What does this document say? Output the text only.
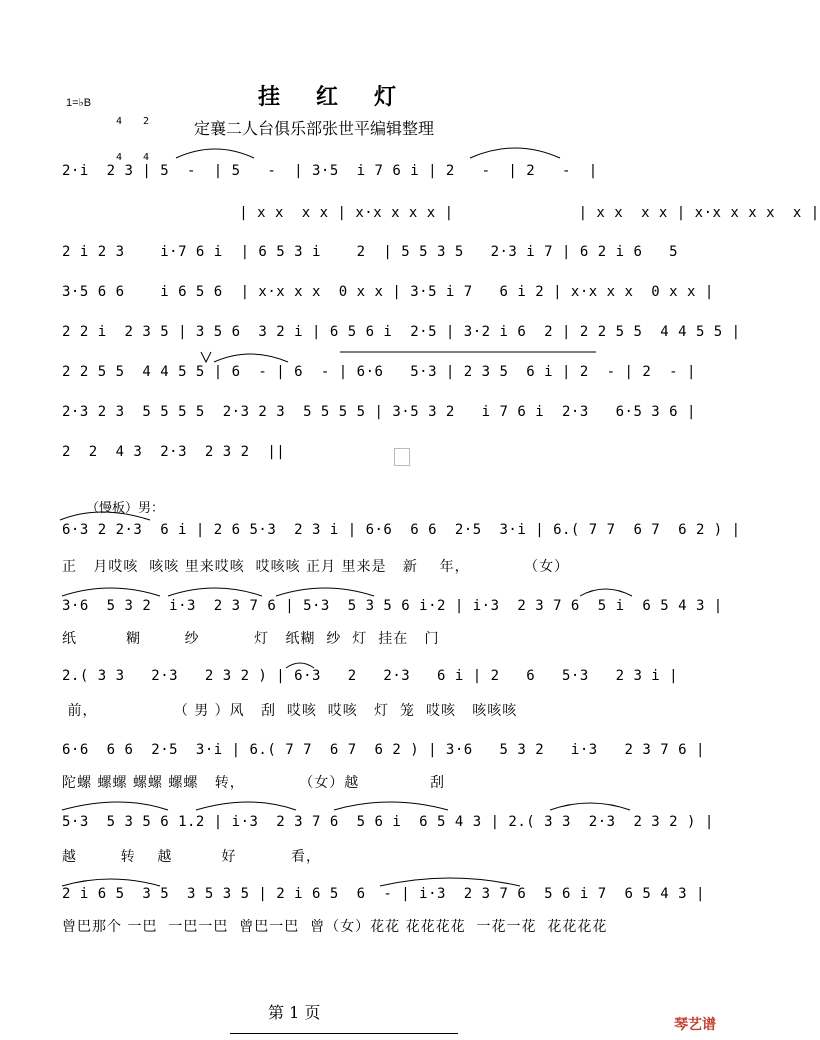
1=♭B

4

4

2

4

挂红灯
定襄二人台俱乐部张世平编辑整理
2·i  2 3 | 5  -  | 5   -  | 3·5  i 7 6 i | 2   -  | 2   -  |
| x x  x x | x·x x x x |              | x x  x x | x·x x x x  x |
2 i 2 3    i·7 6 i  | 6 5 3 i    2  | 5 5 3 5   2·3 i 7 | 6 2 i 6   5
3·5 6 6    i 6 5 6  | x·x x x  0 x x | 3·5 i 7   6 i 2 | x·x x x  0 x x |
2 2 i  2 3 5 | 3 5 6  3 2 i | 6 5 6 i  2·5 | 3·2 i 6  2 | 2 2 5 5  4 4 5 5 |
2 2 5 5  4 4 5 5 | 6  - | 6  - | 6·6   5·3 | 2 3 5  6 i | 2  - | 2  - |
2·3 2 3  5 5 5 5  2·3 2 3  5 5 5 5 | 3·5 3 2   i 7 6 i  2·3   6·5 3 6 |
2  2  4 3  2·3  2 3 2  ||
（慢板）男：
6·3 2 2·3  6 i | 2 6 5·3  2 3 i | 6·6  6 6  2·5  3·i | 6.( 7 7  6 7  6 2 ) |
正   月哎咳  咳咳 里来哎咳  哎咳咳 正月 里来是   新    年，          （女）
3·6  5 3 2  i·3  2 3 7 6 | 5·3  5 3 5 6 i·2 | i·3  2 3 7 6  5 i  6 5 4 3 |
纸         糊        纱          灯   纸糊  纱  灯  挂在   门
2.( 3 3   2·3   2 3 2 ) | 6·3   2   2·3   6 i | 2   6   5·3   2 3 i |
前，              （ 男 ）风   刮  哎咳  哎咳   灯  笼  哎咳   咳咳咳
6·6  6 6  2·5  3·i | 6.( 7 7  6 7  6 2 ) | 3·6   5 3 2   i·3   2 3 7 6 |
陀螺 螺螺 螺螺 螺螺   转，          （女）越             刮
5·3  5 3 5 6 1.2 | i·3  2 3 7 6  5 6 i  6 5 4 3 | 2.( 3 3  2·3  2 3 2 ) |
越        转    越         好          看，
2 i 6 5  3 5  3 5 3 5 | 2 i 6 5  6  - | i·3  2 3 7 6  5 6 i 7  6 5 4 3 |
曾巴那个 一巴  一巴一巴  曾巴一巴  曾（女）花花 花花花花  一花一花  花花花花
第 1 页
琴艺谱
